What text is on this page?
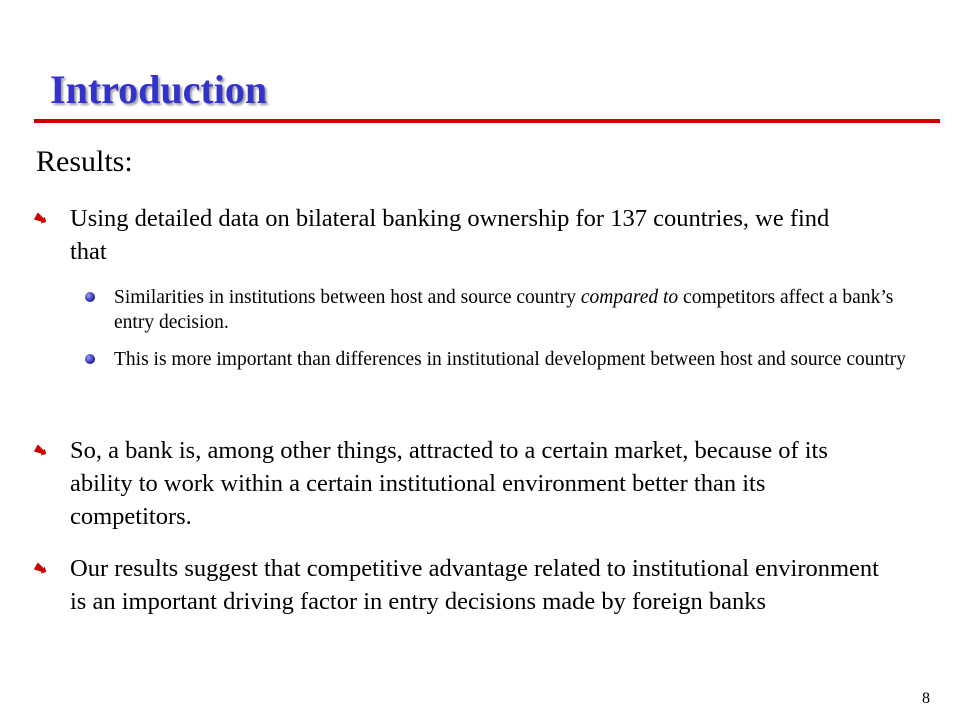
Introduction

Results:

Using detailed data on bilateral banking ownership for 137 countries, we find that
Similarities in institutions between host and source country compared to competitors affect a bank’s entry decision.
This is more important than differences in institutional development between host and source country
So, a bank is, among other things, attracted to a certain market, because of its ability to work within a certain institutional environment better than its competitors.
Our results suggest that competitive advantage related to institutional environment is an important driving factor in entry decisions made by foreign banks
8
